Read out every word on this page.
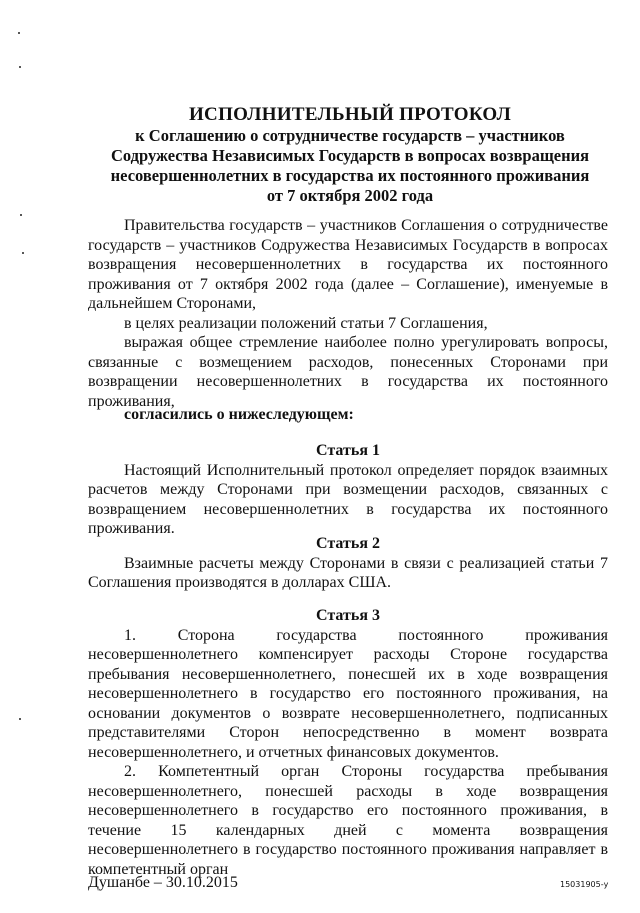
ИСПОЛНИТЕЛЬНЫЙ ПРОТОКОЛ
к Соглашению о сотрудничестве государств – участников
Содружества Независимых Государств в вопросах возвращения
несовершеннолетних в государства их постоянного проживания
от 7 октября 2002 года

Правительства государств – участников Соглашения о сотрудничестве государств – участников Содружества Независимых Государств в вопросах возвращения несовершеннолетних в государства их постоянного проживания от 7 октября 2002 года (далее – Соглашение), именуемые в дальнейшем Сторонами,

в целях реализации положений статьи 7 Соглашения,

выражая общее стремление наиболее полно урегулировать вопросы, связанные с возмещением расходов, понесенных Сторонами при возвращении несовершеннолетних в государства их постоянного проживания,

согласились о нижеследующем:

Статья 1

Настоящий Исполнительный протокол определяет порядок взаимных расчетов между Сторонами при возмещении расходов, связанных с возвращением несовершеннолетних в государства их постоянного проживания.

Статья 2

Взаимные расчеты между Сторонами в связи с реализацией статьи 7 Соглашения производятся в долларах США.

Статья 3

1. Сторона государства постоянного проживания несовершеннолетнего компенсирует расходы Стороне государства пребывания несовершеннолетнего, понесшей их в ходе возвращения несовершеннолетнего в государство его постоянного проживания, на основании документов о возврате несовершеннолетнего, подписанных представителями Сторон непосредственно в момент возврата несовершеннолетнего, и отчетных финансовых документов.

2. Компетентный орган Стороны государства пребывания несовершеннолетнего, понесшей расходы в ходе возвращения несовершеннолетнего в государство его постоянного проживания, в течение 15 календарных дней с момента возвращения несовершеннолетнего в государство постоянного проживания направляет в компетентный орган

Душанбе – 30.10.2015	15031905-у
